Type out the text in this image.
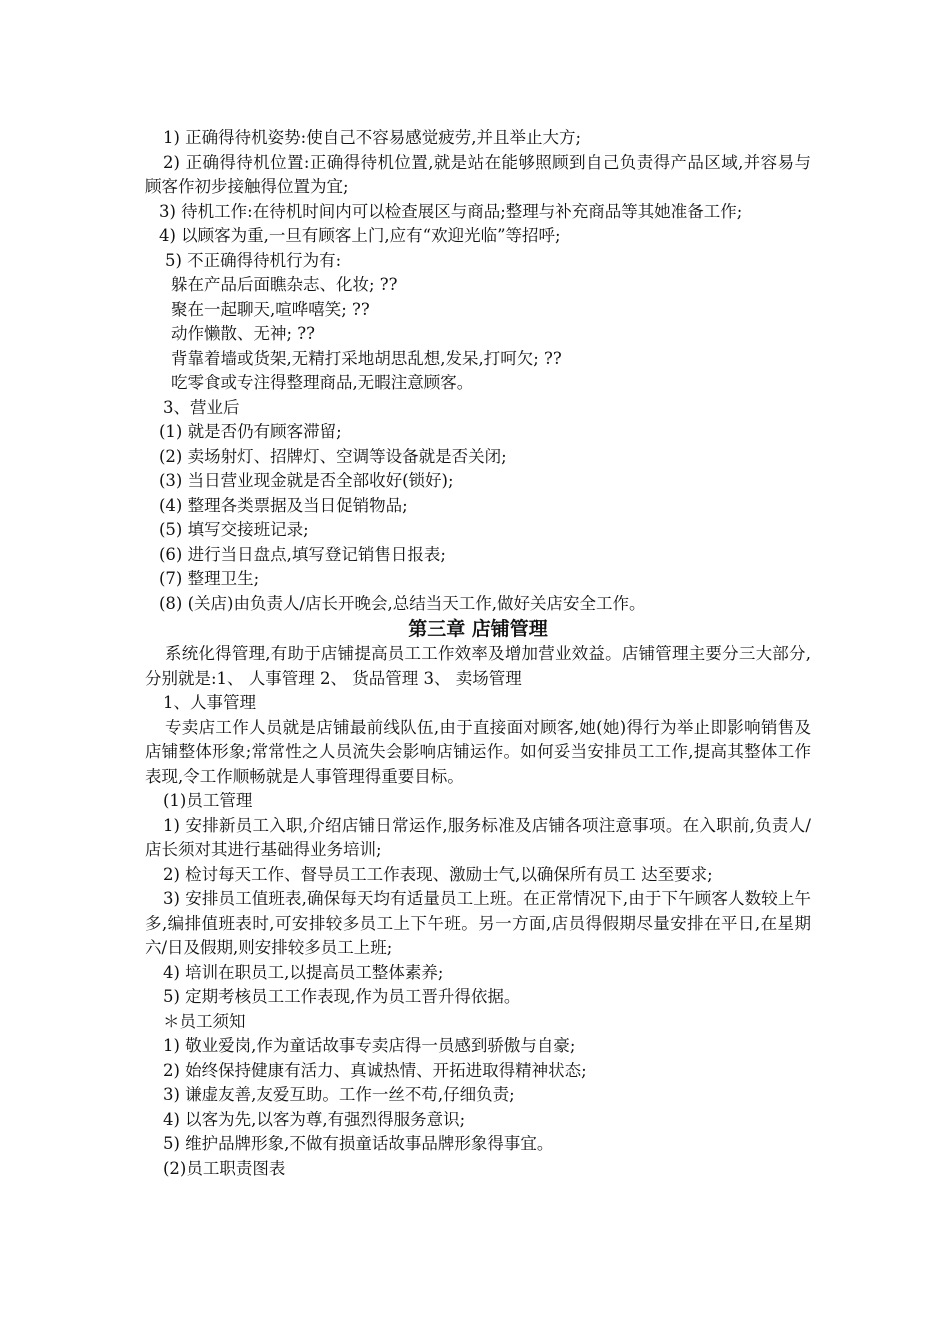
1) 正确得待机姿势:使自己不容易感觉疲劳,并且举止大方;

2) 正确得待机位置:正确得待机位置,就是站在能够照顾到自己负责得产品区域,并容易与顾客作初步接触得位置为宜;

3) 待机工作:在待机时间内可以检查展区与商品;整理与补充商品等其她准备工作;

4) 以顾客为重,一旦有顾客上门,应有“欢迎光临”等招呼;

5) 不正确得待机行为有:

躲在产品后面瞧杂志、化妆; ??

聚在一起聊天,喧哗嘻笑; ??

动作懒散、无神; ??

背靠着墙或货架,无精打采地胡思乱想,发呆,打呵欠; ??

吃零食或专注得整理商品,无暇注意顾客。

3、营业后

(1) 就是否仍有顾客滞留;

(2) 卖场射灯、招牌灯、空调等设备就是否关闭;

(3) 当日营业现金就是否全部收好(锁好);

(4) 整理各类票据及当日促销物品;

(5) 填写交接班记录;

(6) 进行当日盘点,填写登记销售日报表;

(7) 整理卫生;

(8) (关店)由负责人/店长开晚会,总结当天工作,做好关店安全工作。

第三章 店铺管理

系统化得管理,有助于店铺提高员工工作效率及增加营业效益。店铺管理主要分三大部分,分别就是:1、 人事管理 2、 货品管理 3、 卖场管理

1、人事管理

专卖店工作人员就是店铺最前线队伍,由于直接面对顾客,她(她)得行为举止即影响销售及店铺整体形象;常常性之人员流失会影响店铺运作。如何妥当安排员工工作,提高其整体工作表现,令工作顺畅就是人事管理得重要目标。

(1)员工管理

1) 安排新员工入职,介绍店铺日常运作,服务标准及店铺各项注意事项。在入职前,负责人/店长须对其进行基础得业务培训;

2) 检讨每天工作、督导员工工作表现、激励士气,以确保所有员工 达至要求;

3) 安排员工值班表,确保每天均有适量员工上班。在正常情况下,由于下午顾客人数较上午多,编排值班表时,可安排较多员工上下午班。另一方面,店员得假期尽量安排在平日,在星期六/日及假期,则安排较多员工上班;

4) 培训在职员工,以提高员工整体素养;

5) 定期考核员工工作表现,作为员工晋升得依据。

＊员工须知

1) 敬业爱岗,作为童话故事专卖店得一员感到骄傲与自豪;

2) 始终保持健康有活力、真诚热情、开拓进取得精神状态;

3) 谦虚友善,友爱互助。工作一丝不苟,仔细负责;

4) 以客为先,以客为尊,有强烈得服务意识;

5) 维护品牌形象,不做有损童话故事品牌形象得事宜。

(2)员工职责图表
